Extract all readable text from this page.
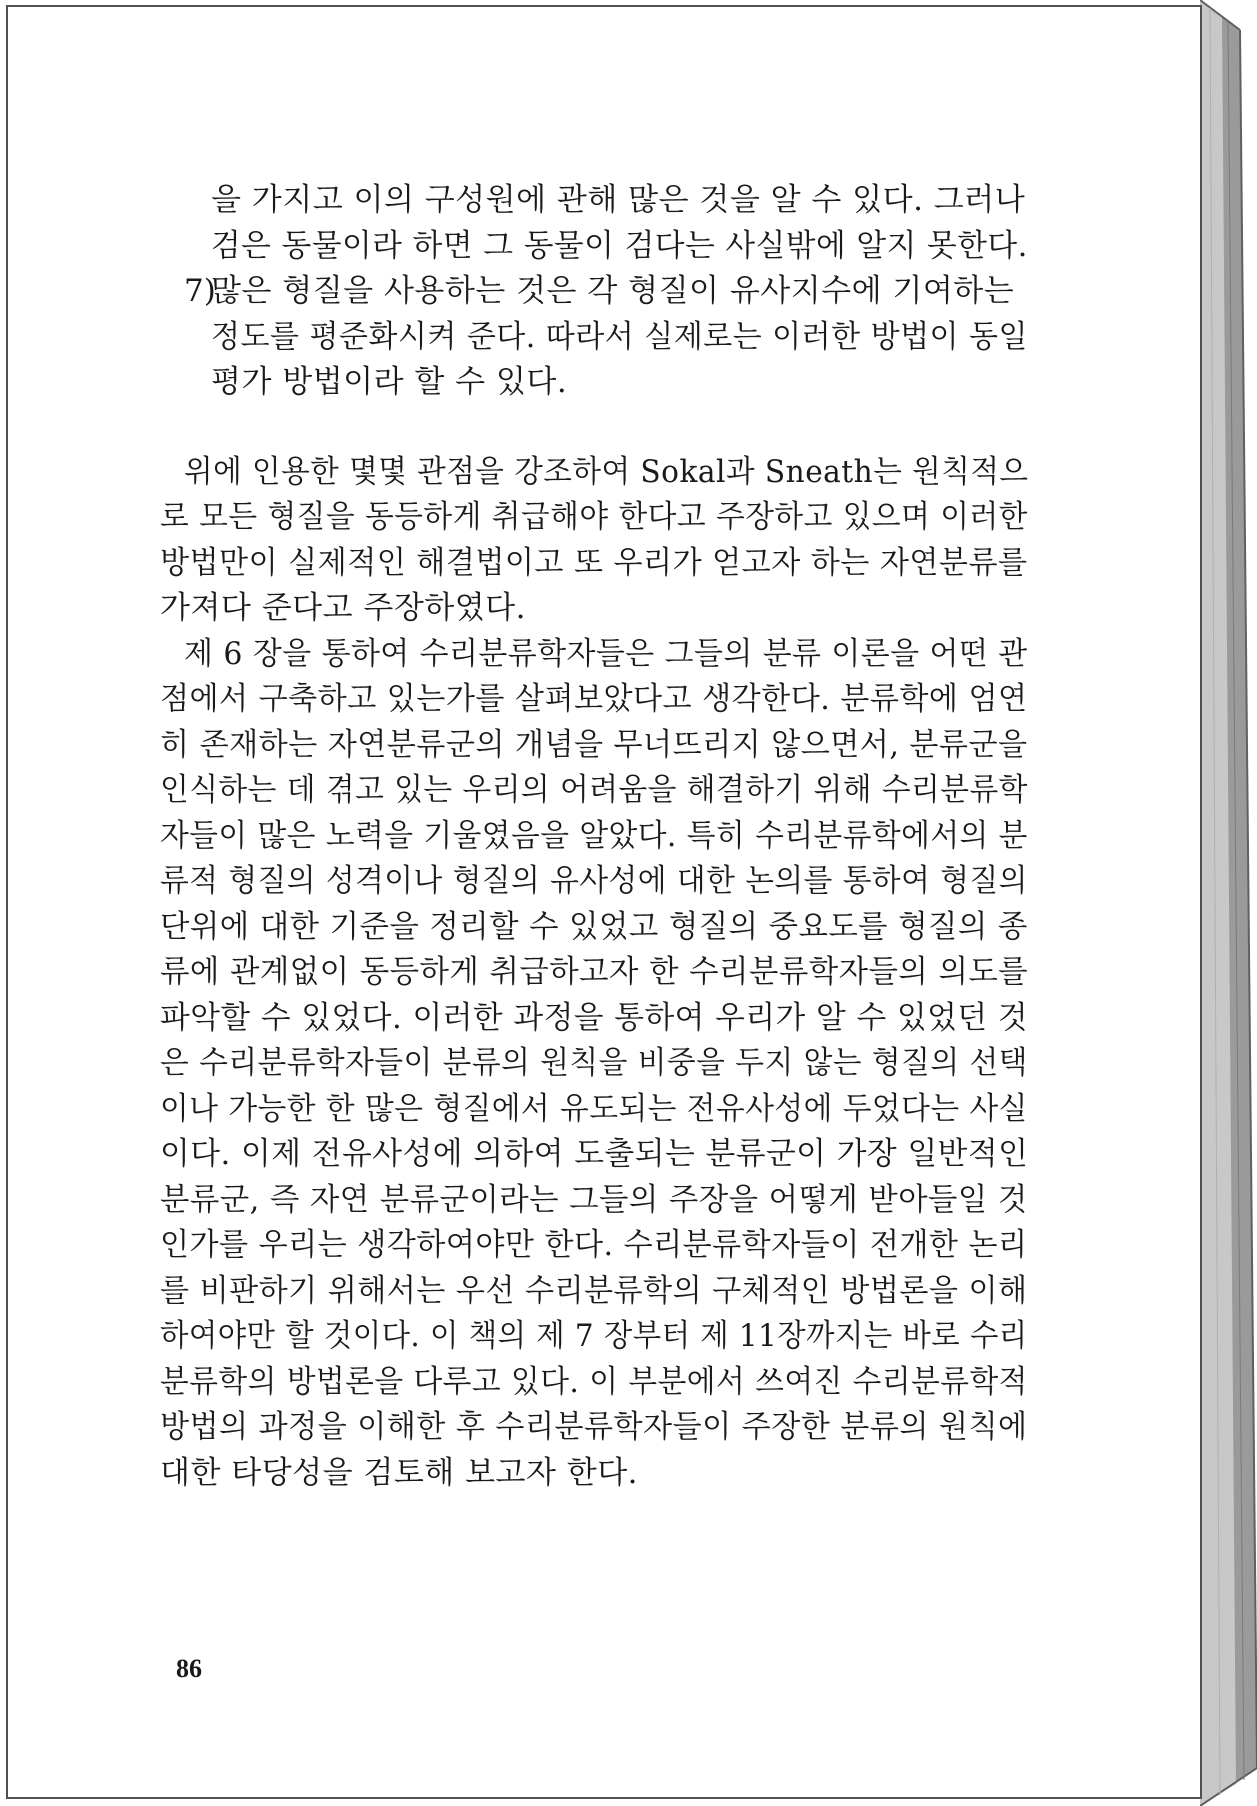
을 가지고 이의 구성원에 관해 많은 것을 알 수 있다. 그러나
검은 동물이라 하면 그 동물이 검다는 사실밖에 알지 못한다.
7)
많은 형질을 사용하는 것은 각 형질이 유사지수에 기여하는
정도를 평준화시켜 준다. 따라서 실제로는 이러한 방법이 동일
평가 방법이라 할 수 있다.
위에 인용한 몇몇 관점을 강조하여 Sokal과 Sneath는 원칙적으
로 모든 형질을 동등하게 취급해야 한다고 주장하고 있으며 이러한
방법만이 실제적인 해결법이고 또 우리가 얻고자 하는 자연분류를
가져다 준다고 주장하였다.
제 6 장을 통하여 수리분류학자들은 그들의 분류 이론을 어떤 관
점에서 구축하고 있는가를 살펴보았다고 생각한다. 분류학에 엄연
히 존재하는 자연분류군의 개념을 무너뜨리지 않으면서, 분류군을
인식하는 데 겪고 있는 우리의 어려움을 해결하기 위해 수리분류학
자들이 많은 노력을 기울였음을 알았다. 특히 수리분류학에서의 분
류적 형질의 성격이나 형질의 유사성에 대한 논의를 통하여 형질의
단위에 대한 기준을 정리할 수 있었고 형질의 중요도를 형질의 종
류에 관계없이 동등하게 취급하고자 한 수리분류학자들의 의도를
파악할 수 있었다. 이러한 과정을 통하여 우리가 알 수 있었던 것
은 수리분류학자들이 분류의 원칙을 비중을 두지 않는 형질의 선택
이나 가능한 한 많은 형질에서 유도되는 전유사성에 두었다는 사실
이다. 이제 전유사성에 의하여 도출되는 분류군이 가장 일반적인
분류군, 즉 자연 분류군이라는 그들의 주장을 어떻게 받아들일 것
인가를 우리는 생각하여야만 한다. 수리분류학자들이 전개한 논리
를 비판하기 위해서는 우선 수리분류학의 구체적인 방법론을 이해
하여야만 할 것이다. 이 책의 제 7 장부터 제 11장까지는 바로 수리
분류학의 방법론을 다루고 있다. 이 부분에서 쓰여진 수리분류학적
방법의 과정을 이해한 후 수리분류학자들이 주장한 분류의 원칙에
대한 타당성을 검토해 보고자 한다.
86
